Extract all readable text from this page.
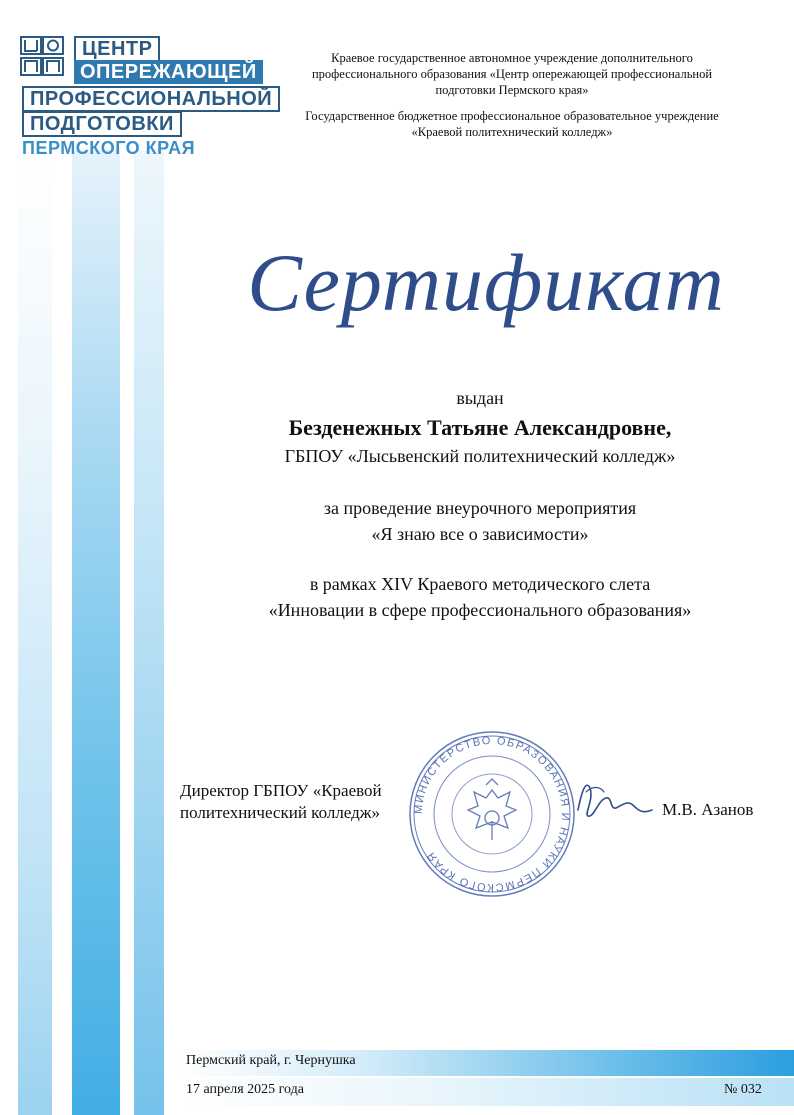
ЦЕНТР
ОПЕРЕЖАЮЩЕЙ
ПРОФЕССИОНАЛЬНОЙ
ПОДГОТОВКИ
ПЕРМСКОГО КРАЯ
Краевое государственное автономное учреждение дополнительного профессионального образования «Центр опережающей профессиональной подготовки Пермского края»
Государственное бюджетное профессиональное образовательное учреждение «Краевой политехнический колледж»
Сертификат
выдан
Безденежных Татьяне Александровне,
ГБПОУ «Лысьвенский политехнический колледж»
за проведение внеурочного мероприятия
«Я знаю все о зависимости»
в рамках XIV Краевого методического слета
«Инновации в сфере профессионального образования»
Директор ГБПОУ «Краевой
политехнический колледж»	МИНИСТЕРСТВО ОБРАЗОВАНИЯ И НАУКИ ПЕРМСКОГО КРАЯ
М.В. Азанов
Пермский край, г. Чернушка
17 апреля 2025 года	№ 032
